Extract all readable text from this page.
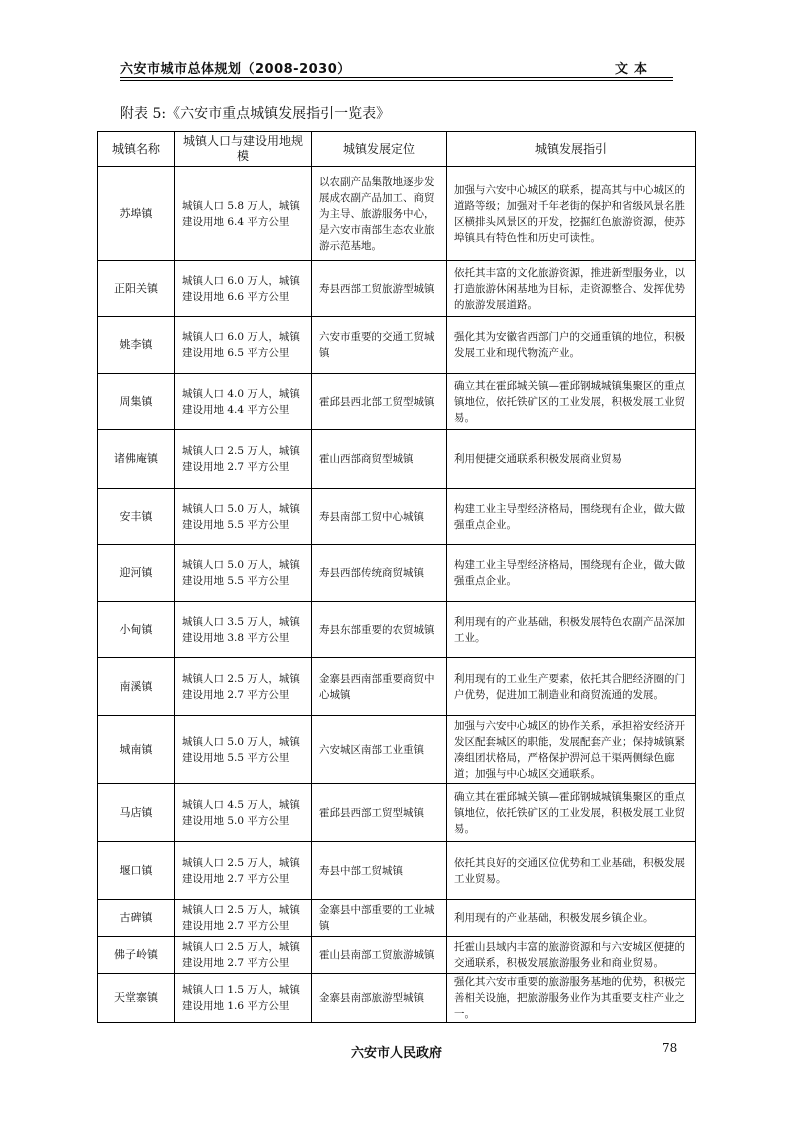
六安市城市总体规划（2008-2030）	文本
附表 5:《六安市重点城镇发展指引一览表》
城镇名称	城镇人口与建设用地规模	城镇发展定位	城镇发展指引
苏埠镇	城镇人口 5.8 万人，城镇建设用地 6.4 平方公里	以农副产品集散地逐步发展成农副产品加工、商贸为主导、旅游服务中心，是六安市南部生态农业旅游示范基地。	加强与六安中心城区的联系，提高其与中心城区的道路等级；加强对千年老街的保护和省级风景名胜区横排头风景区的开发，挖掘红色旅游资源，使苏埠镇具有特色性和历史可读性。
正阳关镇	城镇人口 6.0 万人，城镇建设用地 6.6 平方公里	寿县西部工贸旅游型城镇	依托其丰富的文化旅游资源，推进新型服务业，以打造旅游休闲基地为目标，走资源整合、发挥优势的旅游发展道路。
姚李镇	城镇人口 6.0 万人，城镇建设用地 6.5 平方公里	六安市重要的交通工贸城镇	强化其为安徽省西部门户的交通重镇的地位，积极发展工业和现代物流产业。
周集镇	城镇人口 4.0 万人，城镇建设用地 4.4 平方公里	霍邱县西北部工贸型城镇	确立其在霍邱城关镇—霍邱钢城城镇集聚区的重点镇地位，依托铁矿区的工业发展，积极发展工业贸易。
诸佛庵镇	城镇人口 2.5 万人，城镇建设用地 2.7 平方公里	霍山西部商贸型城镇	利用便捷交通联系积极发展商业贸易
安丰镇	城镇人口 5.0 万人，城镇建设用地 5.5 平方公里	寿县南部工贸中心城镇	构建工业主导型经济格局，围绕现有企业，做大做强重点企业。
迎河镇	城镇人口 5.0 万人，城镇建设用地 5.5 平方公里	寿县西部传统商贸城镇	构建工业主导型经济格局，围绕现有企业，做大做强重点企业。
小甸镇	城镇人口 3.5 万人，城镇建设用地 3.8 平方公里	寿县东部重要的农贸城镇	利用现有的产业基础，积极发展特色农副产品深加工业。
南溪镇	城镇人口 2.5 万人，城镇建设用地 2.7 平方公里	金寨县西南部重要商贸中心城镇	利用现有的工业生产要素，依托其合肥经济圈的门户优势，促进加工制造业和商贸流通的发展。
城南镇	城镇人口 5.0 万人，城镇建设用地 5.5 平方公里	六安城区南部工业重镇	加强与六安中心城区的协作关系，承担裕安经济开发区配套城区的职能，发展配套产业；保持城镇紧凑组团状格局，严格保护淠河总干渠两侧绿色廊道；加强与中心城区交通联系。
马店镇	城镇人口 4.5 万人，城镇建设用地 5.0 平方公里	霍邱县西部工贸型城镇	确立其在霍邱城关镇—霍邱钢城城镇集聚区的重点镇地位，依托铁矿区的工业发展，积极发展工业贸易。
堰口镇	城镇人口 2.5 万人，城镇建设用地 2.7 平方公里	寿县中部工贸城镇	依托其良好的交通区位优势和工业基础，积极发展工业贸易。
古碑镇	城镇人口 2.5 万人，城镇建设用地 2.7 平方公里	金寨县中部重要的工业城镇	利用现有的产业基础，积极发展乡镇企业。
佛子岭镇	城镇人口 2.5 万人，城镇建设用地 2.7 平方公里	霍山县南部工贸旅游城镇	托霍山县域内丰富的旅游资源和与六安城区便捷的交通联系，积极发展旅游服务业和商业贸易。
天堂寨镇	城镇人口 1.5 万人，城镇建设用地 1.6 平方公里	金寨县南部旅游型城镇	强化其六安市重要的旅游服务基地的优势，积极完善相关设施，把旅游服务业作为其重要支柱产业之一。
六安市人民政府	78
